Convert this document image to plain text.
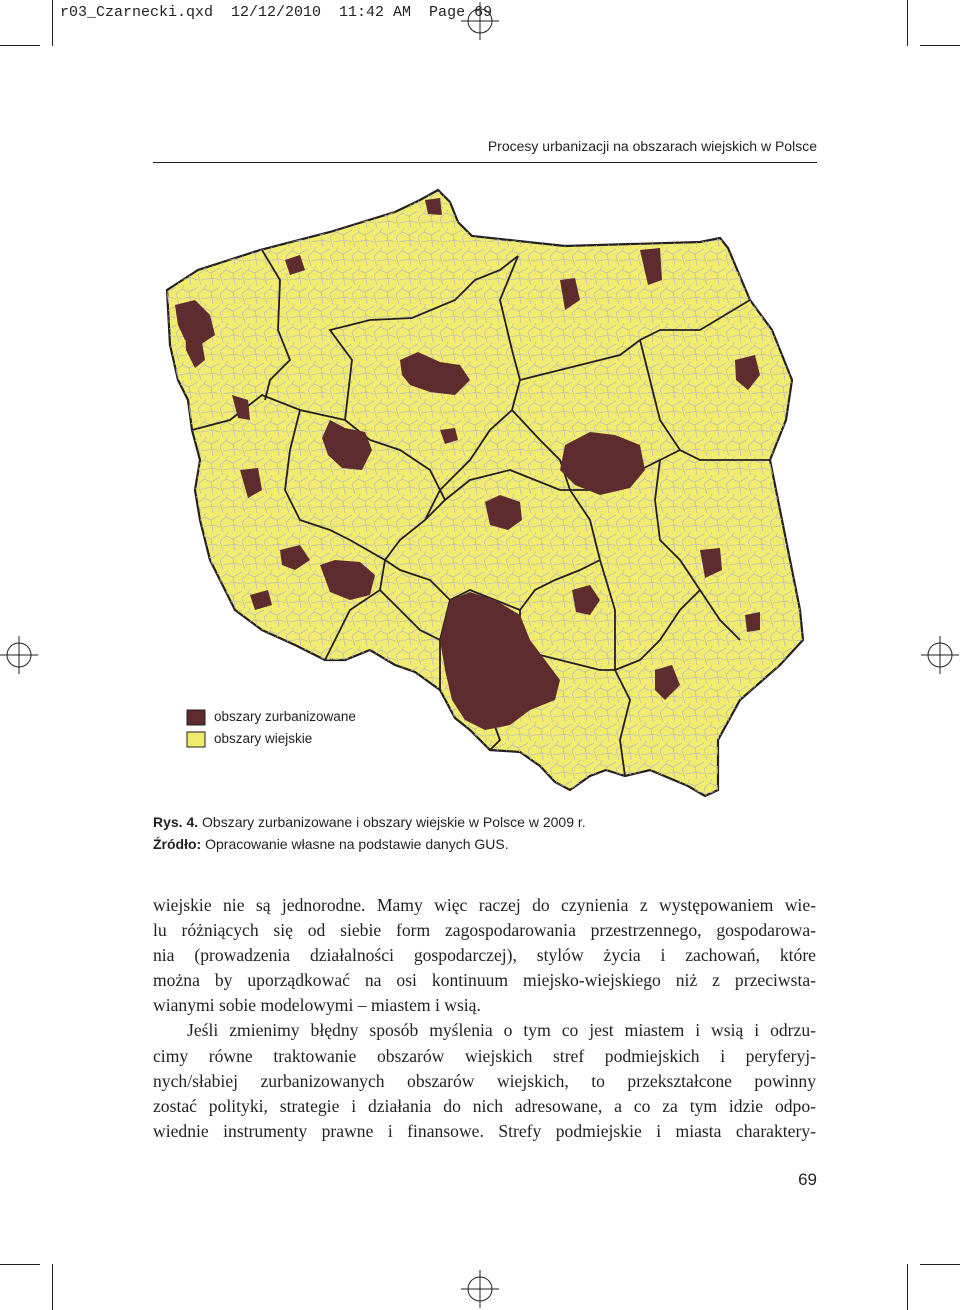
r03_Czarnecki.qxd  12/12/2010  11:42 AM  Page 69
Procesy urbanizacji na obszarach wiejskich w Polsce
obszary zurbanizowane
obszary wiejskie
Rys. 4. Obszary zurbanizowane i obszary wiejskie w Polsce w 2009 r.
Źródło: Opracowanie własne na podstawie danych GUS.

wiejskie nie są jednorodne. Mamy więc raczej do czynienia z występowaniem wie-
lu różniących się od siebie form zagospodarowania przestrzennego, gospodarowa-
nia (prowadzenia działalności gospodarczej), stylów życia i zachowań, które
można by uporządkować na osi kontinuum miejsko-wiejskiego niż z przeciwsta-
wianymi sobie modelowymi – miastem i wsią.

Jeśli zmienimy błędny sposób myślenia o tym co jest miastem i wsią i odrzu-
cimy równe traktowanie obszarów wiejskich stref podmiejskich i peryferyj-
nych/słabiej zurbanizowanych obszarów wiejskich, to przekształcone powinny
zostać polityki, strategie i działania do nich adresowane, a co za tym idzie odpo-
wiednie instrumenty prawne i finansowe. Strefy podmiejskie i miasta charaktery-

69
